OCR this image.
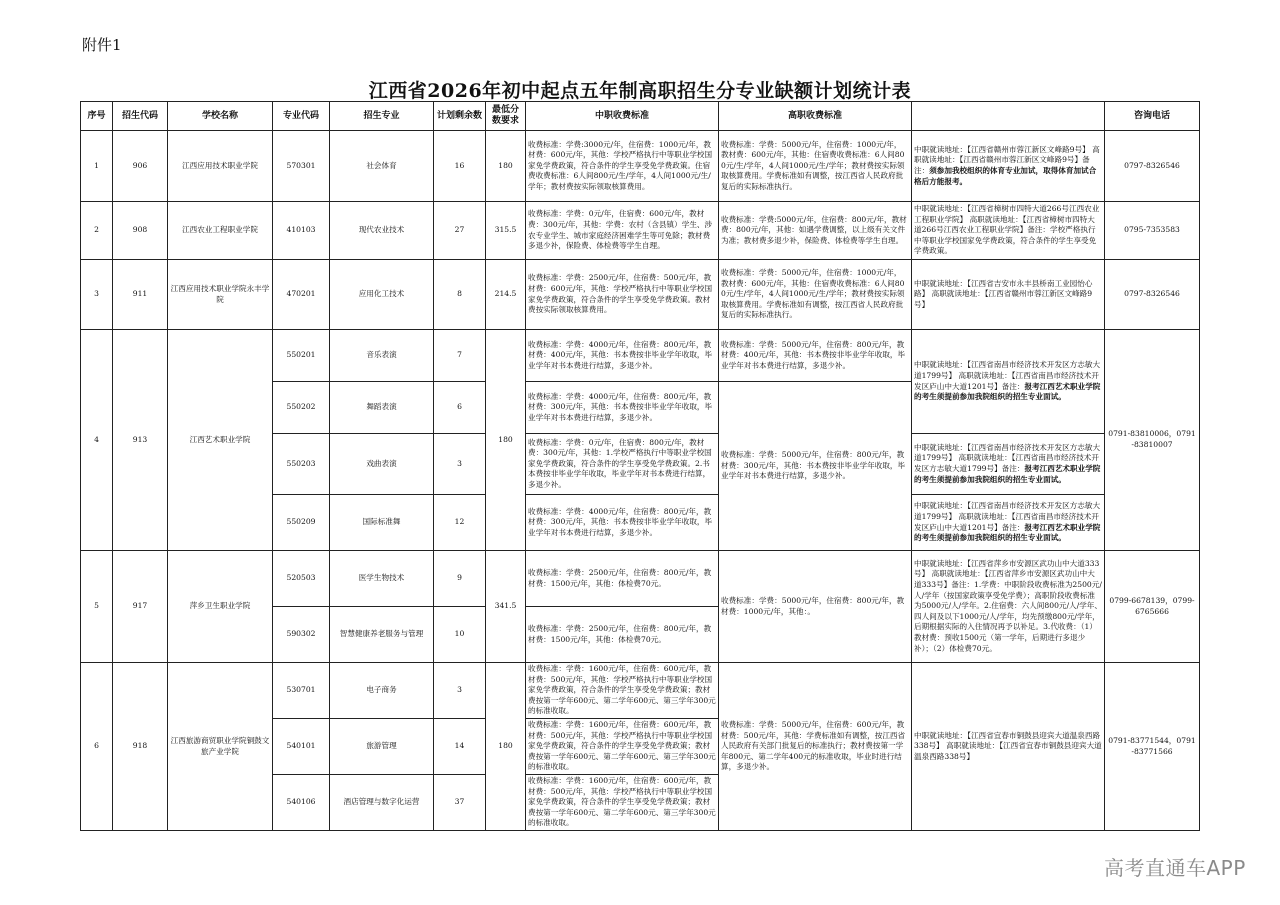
附件1
江西省2026年初中起点五年制高职招生分专业缺额计划统计表
序号	招生代码	学校名称	专业代码	招生专业	计划剩余数	最低分数要求	中职收费标准	高职收费标准		咨询电话
1	906	江西应用技术职业学院	570301	社会体育	16	180	收费标准：学费:3000元/年，住宿费：1000元/年，教材费：600元/年，其他：学校严格执行中等职业学校国家免学费政策，符合条件的学生享受免学费政策。住宿费收费标准：6人间800元/生/学年，4人间1000元/生/学年；教材费按实际领取核算费用。	收费标准：学费：5000元/年，住宿费：1000元/年，教材费：600元/年，其他：住宿费收费标准：6人间800元/生/学年，4人间1000元/生/学年；教材费按实际领取核算费用。学费标准如有调整，按江西省人民政府批复后的实际标准执行。	中职就读地址：【江西省赣州市蓉江新区文峰路9号】 高职就读地址：【江西省赣州市蓉江新区文峰路9号】备注：须参加我校组织的体育专业加试，取得体育加试合格后方能报考。	0797-8326546
2	908	江西农业工程职业学院	410103	现代农业技术	27	315.5	收费标准：学费：0元/年，住宿费：600元/年，教材费：300元/年，其他：学费：农村（含县镇）学生、涉农专业学生、城市家庭经济困难学生等可免除；教材费多退少补，保险费、体检费等学生自理。	收费标准：学费:5000元/年，住宿费：800元/年，教材费：800元/年，其他：如遇学费调整，以上级有关文件为准；教材费多退少补，保险费、体检费等学生自理。	中职就读地址：【江西省樟树市四特大道266号江西农业工程职业学院】 高职就读地址：【江西省樟树市四特大道266号江西农业工程职业学院】备注：学校严格执行中等职业学校国家免学费政策，符合条件的学生享受免学费政策。	0795-7353583
3	911	江西应用技术职业学院永丰学院	470201	应用化工技术	8	214.5	收费标准：学费：2500元/年，住宿费：500元/年，教材费：600元/年，其他：学校严格执行中等职业学校国家免学费政策，符合条件的学生享受免学费政策。教材费按实际领取核算费用。	收费标准：学费：5000元/年，住宿费：1000元/年，教材费：600元/年，其他：住宿费收费标准：6人间800元/生/学年，4人间1000元/生/学年；教材费按实际领取核算费用。学费标准如有调整，按江西省人民政府批复后的实际标准执行。	中职就读地址：【江西省吉安市永丰县桥南工业园怡心路】 高职就读地址：【江西省赣州市蓉江新区文峰路9号】	0797-8326546
4	913	江西艺术职业学院	550201	音乐表演	7	180	收费标准：学费：4000元/年，住宿费：800元/年，教材费：400元/年，其他：书本费按非毕业学年收取，毕业学年对书本费进行结算，多退少补。	收费标准：学费：5000元/年，住宿费：800元/年，教材费：400元/年，其他：书本费按非毕业学年收取，毕业学年对书本费进行结算，多退少补。	中职就读地址：【江西省南昌市经济技术开发区方志敏大道1799号】 高职就读地址：【江西省南昌市经济技术开发区庐山中大道1201号】备注：报考江西艺术职业学院的考生须提前参加我院组织的招生专业面试。	0791-83810006，0791-83810007
			550202	舞蹈表演	6		收费标准：学费：4000元/年，住宿费：800元/年，教材费：300元/年，其他：书本费按非毕业学年收取，毕业学年对书本费进行结算，多退少补。	收费标准：学费：5000元/年，住宿费：800元/年，教材费：300元/年，其他：书本费按非毕业学年收取，毕业学年对书本费进行结算，多退少补。		
			550203	戏曲表演	3		收费标准：学费：0元/年，住宿费：800元/年，教材费：300元/年，其他：1.学校严格执行中等职业学校国家免学费政策，符合条件的学生享受免学费政策。2.书本费按非毕业学年收取，毕业学年对书本费进行结算，多退少补。		中职就读地址：【江西省南昌市经济技术开发区方志敏大道1799号】 高职就读地址：【江西省南昌市经济技术开发区方志敏大道1799号】备注：报考江西艺术职业学院的考生须提前参加我院组织的招生专业面试。	
			550209	国际标准舞	12		收费标准：学费：4000元/年，住宿费：800元/年，教材费：300元/年，其他：书本费按非毕业学年收取，毕业学年对书本费进行结算，多退少补。		中职就读地址：【江西省南昌市经济技术开发区方志敏大道1799号】 高职就读地址：【江西省南昌市经济技术开发区庐山中大道1201号】备注：报考江西艺术职业学院的考生须提前参加我院组织的招生专业面试。	
5	917	萍乡卫生职业学院	520503	医学生物技术	9	341.5	收费标准：学费：2500元/年，住宿费：800元/年，教材费：1500元/年，其他：体检费70元。	收费标准：学费：5000元/年，住宿费：800元/年，教材费：1000元/年，其他：。	中职就读地址：【江西省萍乡市安源区武功山中大道333号】 高职就读地址：【江西省萍乡市安源区武功山中大道333号】备注：1.学费：中职阶段收费标准为2500元/人/学年（按国家政策享受免学费）；高职阶段收费标准为5000元/人/学年。2.住宿费：六人间800元/人/学年、四人间及以下1000元/人/学年，均先预缴800元/学年，后期根据实际的入住情况再予以补足。3.代收费：（1）教材费：预收1500元（第一学年，后期进行多退少补）；（2）体检费70元。	0799-6678139，0799-6765666
			590302	智慧健康养老服务与管理	10		收费标准：学费：2500元/年，住宿费：800元/年，教材费：1500元/年，其他：体检费70元。			
6	918	江西旅游商贸职业学院铜鼓文旅产业学院	530701	电子商务	3	180	收费标准：学费：1600元/年，住宿费：600元/年，教材费：500元/年，其他：学校严格执行中等职业学校国家免学费政策，符合条件的学生享受免学费政策；教材费按第一学年600元、第二学年600元、第三学年300元的标准收取。	收费标准：学费：5000元/年，住宿费：600元/年，教材费：500元/年，其他：学费标准如有调整，按江西省人民政府有关部门批复后的标准执行；教材费按第一学年800元、第二学年400元的标准收取，毕业时进行结算，多退少补。	中职就读地址：【江西省宜春市铜鼓县迎宾大道温泉西路338号】 高职就读地址：【江西省宜春市铜鼓县迎宾大道温泉西路338号】	0791-83771544，0791-83771566
			540101	旅游管理	14		收费标准：学费：1600元/年，住宿费：600元/年，教材费：500元/年，其他：学校严格执行中等职业学校国家免学费政策，符合条件的学生享受免学费政策；教材费按第一学年600元、第二学年600元、第三学年300元的标准收取。			
			540106	酒店管理与数字化运营	37		收费标准：学费：1600元/年，住宿费：600元/年，教材费：500元/年，其他：学校严格执行中等职业学校国家免学费政策，符合条件的学生享受免学费政策；教材费按第一学年600元、第二学年600元、第三学年300元的标准收取。			
高考直通车APP
